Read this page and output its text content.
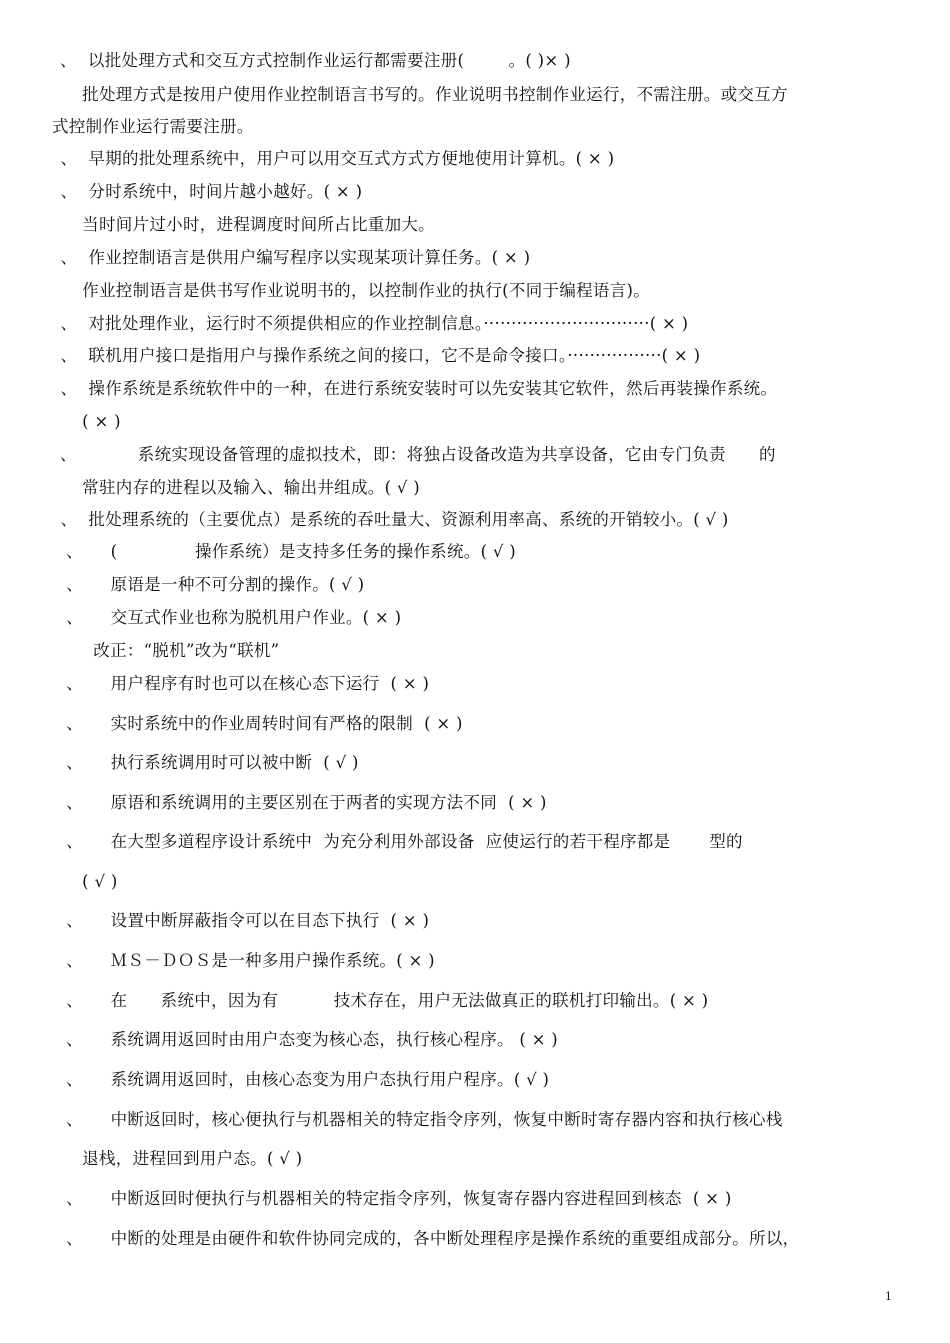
、  以批处理方式和交互方式控制作业运行都需要注册(        。( )× )
批处理方式是按用户使用作业控制语言书写的。作业说明书控制作业运行，不需注册。或交互方
式控制作业运行需要注册。
、  早期的批处理系统中，用户可以用交互式方式方便地使用计算机。( × )
、  分时系统中，时间片越小越好。( × )
当时间片过小时，进程调度时间所占比重加大。
、  作业控制语言是供用户编写程序以实现某项计算任务。( × )
作业控制语言是供书写作业说明书的，以控制作业的执行(不同于编程语言)。
、  对批处理作业，运行时不须提供相应的作业控制信息。······························( × )
、  联机用户接口是指用户与操作系统之间的接口，它不是命令接口。·················( × )
、  操作系统是系统软件中的一种，在进行系统安装时可以先安装其它软件，然后再装操作系统。
( × )
、           系统实现设备管理的虚拟技术，即：将独占设备改造为共享设备，它由专门负责      的
常驻内存的进程以及输入、输出井组成。( √ )
、  批处理系统的（主要优点）是系统的吞吐量大、资源利用率高、系统的开销较小。( √ )
、     (              操作系统）是支持多任务的操作系统。( √ )
、     原语是一种不可分割的操作。( √ )
、     交互式作业也称为脱机用户作业。( × )
改正：“脱机”改为“联机”
、     用户程序有时也可以在核心态下运行  ( × )
、     实时系统中的作业周转时间有严格的限制  ( × )
、     执行系统调用时可以被中断  ( √ )
、     原语和系统调用的主要区别在于两者的实现方法不同  ( × )
、     在大型多道程序设计系统中  为充分利用外部设备  应使运行的若干程序都是       型的
( √ )
、     设置中断屏蔽指令可以在目态下执行  ( × )
、     ＭＳ－ＤＯＳ是一种多用户操作系统。( × )
、     在      系统中，因为有          技术存在，用户无法做真正的联机打印输出。( × )
、     系统调用返回时由用户态变为核心态，执行核心程序。 ( × )
、     系统调用返回时，由核心态变为用户态执行用户程序。( √ )
、     中断返回时，核心便执行与机器相关的特定指令序列，恢复中断时寄存器内容和执行核心栈
退栈，进程回到用户态。( √ )
、     中断返回时便执行与机器相关的特定指令序列，恢复寄存器内容进程回到核态  ( × )
、     中断的处理是由硬件和软件协同完成的，各中断处理程序是操作系统的重要组成部分。所以，
1
